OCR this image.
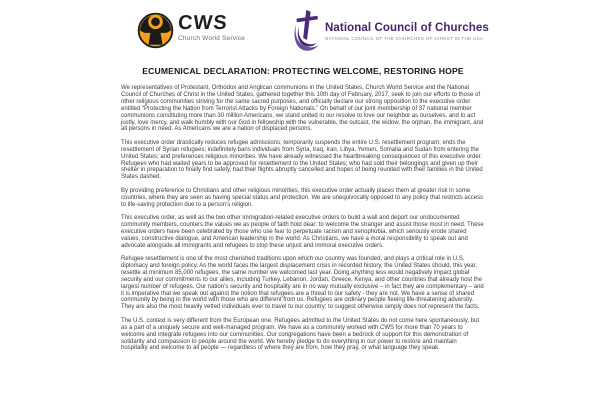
CWS
Church World Service
National Council of Churches
NATIONAL COUNCIL OF THE CHURCHES OF CHRIST IN THE USA
ECUMENICAL DECLARATION: PROTECTING WELCOME, RESTORING HOPE

We representatives of Protestant, Orthodox and Anglican communions in the United States, Church World Service and the National Council of Churches of Christ in the United States, gathered together this 10th day of February, 2017, seek to join our efforts to those of other religious communities striving for the same sacred purposes, and officially declare our strong opposition to the executive order entitled “Protecting the Nation from Terrorist Attacks by Foreign Nationals.” On behalf of our joint membership of 37 national member communions constituting more than 30 million Americans, we stand united in our resolve to love our neighbor as ourselves, and to act justly, love mercy, and walk humbly with our God in fellowship with the vulnerable, the outcast, the widow, the orphan, the immigrant, and all persons in need. As Americans we are a nation of displaced persons.

This executive order drastically reduces refugee admissions; temporarily suspends the entire U.S. resettlement program; ends the resettlement of Syrian refugees; indefinitely bans individuals from Syria, Iraq, Iran, Libya, Yemen, Somalia and Sudan from entering the United States; and preferences religious minorities. We have already witnessed the heartbreaking consequences of this executive order. Refugees who had waited years to be approved for resettlement to the United States; who had sold their belongings and given up their shelter in preparation to finally find safety, had their flights abruptly cancelled and hopes of being reunited with their families in the United States dashed.

By providing preference to Christians and other religious minorities, this executive order actually places them at greater risk in some countries, where they are seen as having special status and protection. We are unequivocally opposed to any policy that restricts access to life-saving protection due to a person’s religion.

This executive order, as well as the two other immigration-related executive orders to build a wall and deport our undocumented community members, counters the values we as people of faith hold dear: to welcome the stranger and assist those most in need. These executive orders have been celebrated by those who use fear to perpetuate racism and xenophobia, which seriously erode shared values, constructive dialogue, and American leadership in the world. As Christians, we have a moral responsibility to speak out and advocate alongside all immigrants and refugees to stop these unjust and immoral executive orders.

Refugee resettlement is one of the most cherished traditions upon which our country was founded, and plays a critical role in U.S. diplomacy and foreign policy. As the world faces the largest displacement crisis in recorded history, the United States should, this year, resettle at minimum 85,000 refugees, the same number we welcomed last year. Doing anything less would negatively impact global security and our commitments to our allies, including Turkey, Lebanon, Jordan, Greece, Kenya, and other countries that already host the largest number of refugees. Our nation’s security and hospitality are in no way mutually exclusive – in fact they are complementary – and it is imperative that we speak out against the notion that refugees are a threat to our safety - they are not. We have a sense of shared community by being in the world with those who are different from us. Refugees are ordinary people fleeing life-threatening adversity. They are also the most heavily vetted individuals ever to travel to our country; to suggest otherwise simply does not represent the facts.

The U.S. context is very different from the European one. Refugees admitted to the United States do not come here spontaneously, but as a part of a uniquely secure and well-managed program. We have as a community worked with CWS for more than 70 years to welcome and integrate refugees into our communities. Our congregations have been a bedrock of support for this demonstration of solidarity and compassion to people around the world. We hereby pledge to do everything in our power to restore and maintain hospitality and welcome to all people — regardless of where they are from, how they pray, or what language they speak.
